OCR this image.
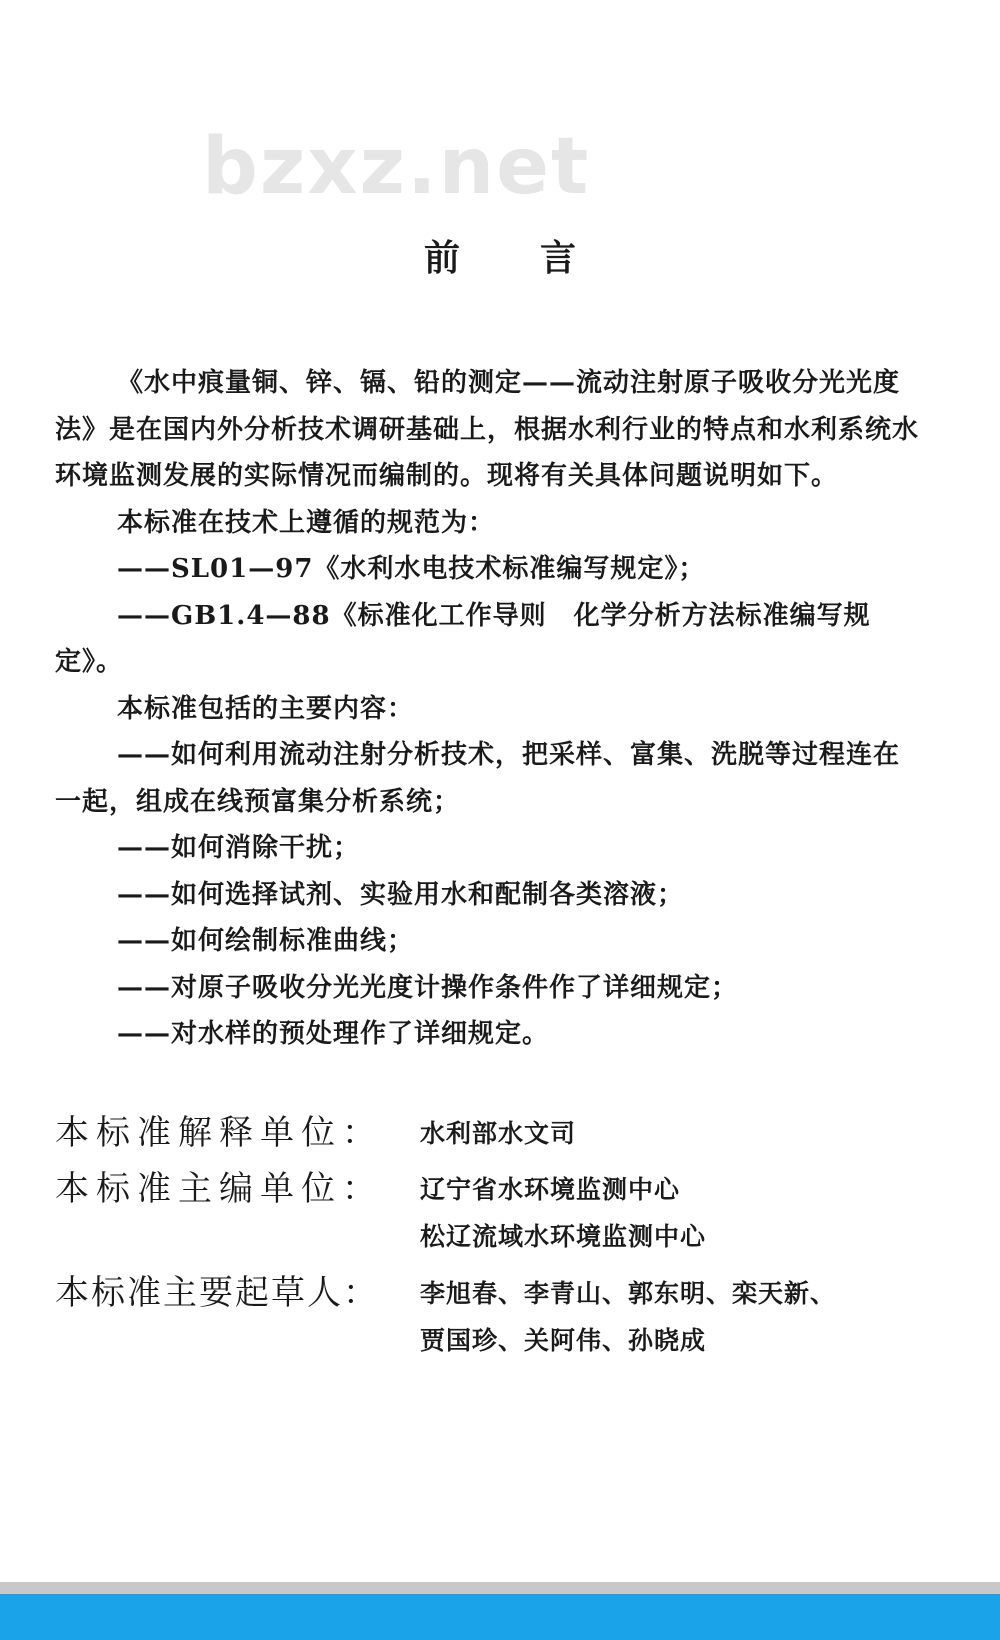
bzxz.net
前言

《水中痕量铜、锌、镉、铅的测定——流动注射原子吸收分光光度法》是在国内外分析技术调研基础上，根据水利行业的特点和水利系统水环境监测发展的实际情况而编制的。现将有关具体问题说明如下。

本标准在技术上遵循的规范为：

——SL01—97《水利水电技术标准编写规定》；

——GB1.4—88《标准化工作导则　化学分析方法标准编写规定》。

本标准包括的主要内容：

——如何利用流动注射分析技术，把采样、富集、洗脱等过程连在一起，组成在线预富集分析系统；

——如何消除干扰；

——如何选择试剂、实验用水和配制各类溶液；

——如何绘制标准曲线；

——对原子吸收分光光度计操作条件作了详细规定；

——对水样的预处理作了详细规定。

本标准解释单位：	水利部水文司
本标准主编单位：	辽宁省水环境监测中心
松辽流域水环境监测中心
本标准主要起草人：	李旭春、李青山、郭东明、栾天新、
贾国珍、关阿伟、孙晓成
